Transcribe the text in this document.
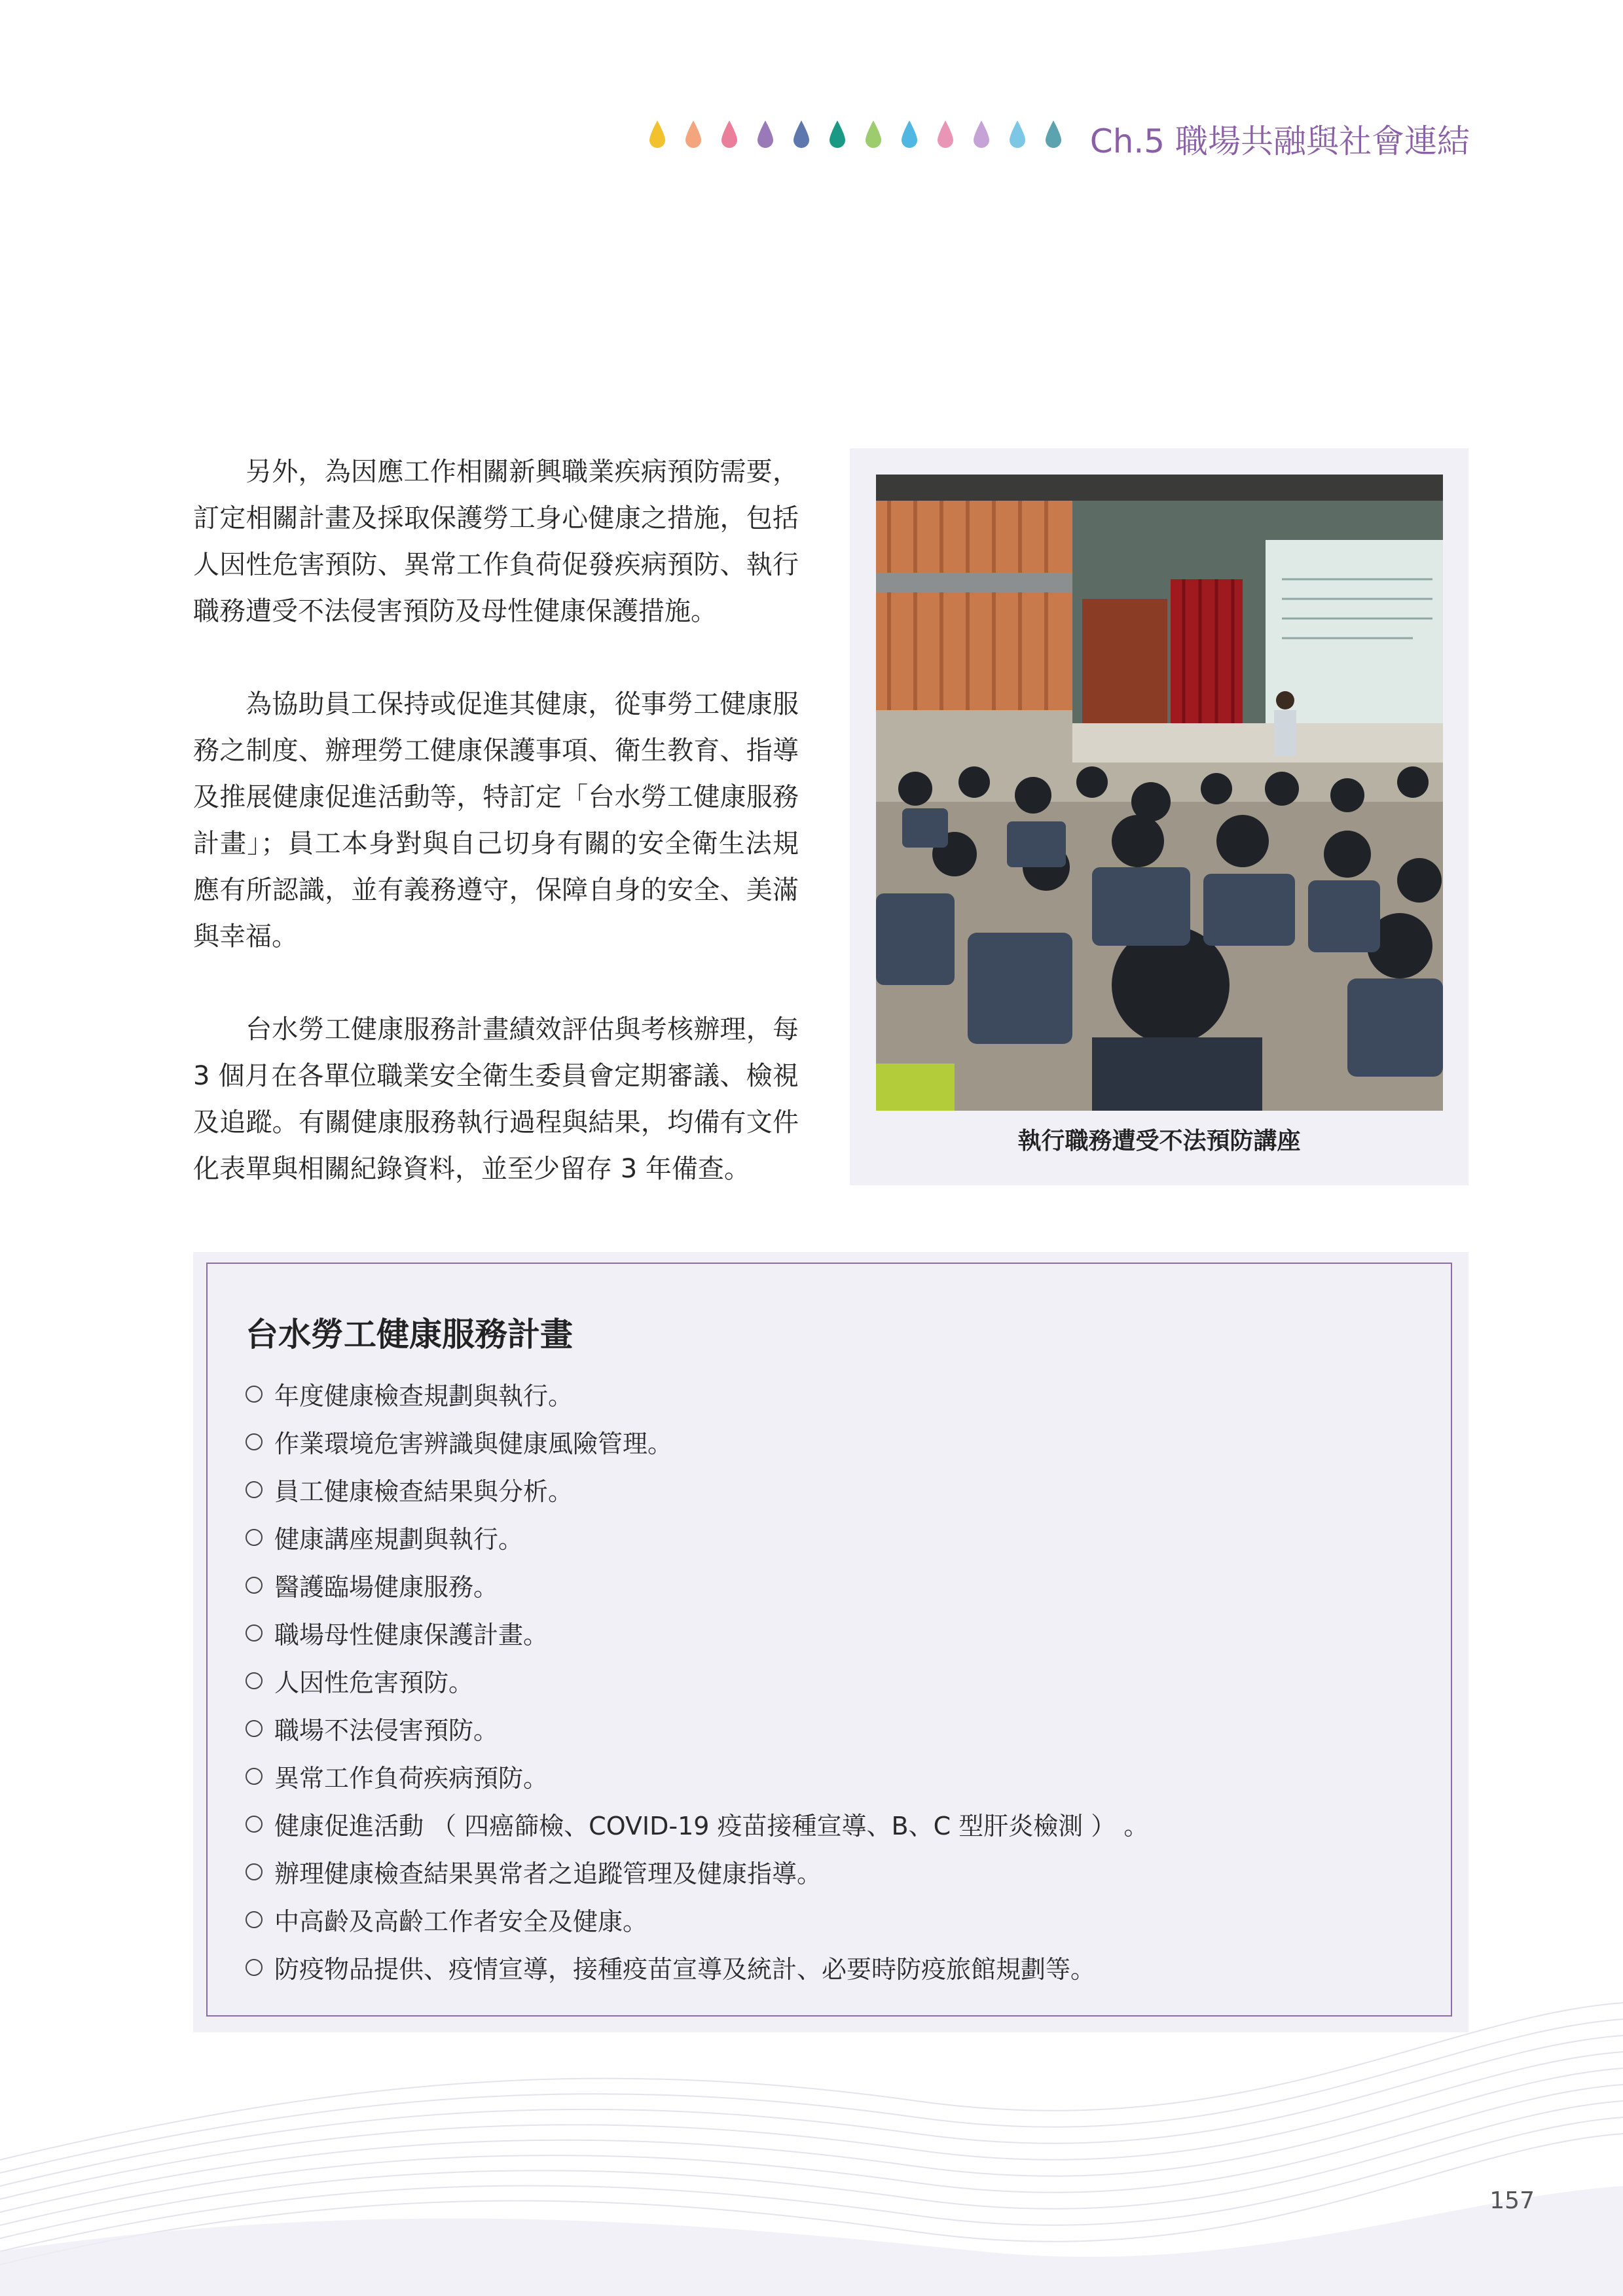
Ch.5 職場共融與社會連結

另外，為因應工作相關新興職業疾病預防需要，訂定相關計畫及採取保護勞工身心健康之措施，包括人因性危害預防、異常工作負荷促發疾病預防、執行職務遭受不法侵害預防及母性健康保護措施。

為協助員工保持或促進其健康，從事勞工健康服務之制度、辦理勞工健康保護事項、衛生教育、指導及推展健康促進活動等，特訂定「台水勞工健康服務計畫」；員工本身對與自己切身有關的安全衛生法規應有所認識，並有義務遵守，保障自身的安全、美滿與幸福。

台水勞工健康服務計畫績效評估與考核辦理，每 3 個月在各單位職業安全衛生委員會定期審議、檢視及追蹤。有關健康服務執行過程與結果，均備有文件化表單與相關紀錄資料，並至少留存 3 年備查。

執行職務遭受不法預防講座
台水勞工健康服務計畫
年度健康檢查規劃與執行。
作業環境危害辨識與健康風險管理。
員工健康檢查結果與分析。
健康講座規劃與執行。
醫護臨場健康服務。
職場母性健康保護計畫。
人因性危害預防。
職場不法侵害預防。
異常工作負荷疾病預防。
健康促進活動 （ 四癌篩檢、COVID-19 疫苗接種宣導、B、C 型肝炎檢測 ） 。
辦理健康檢查結果異常者之追蹤管理及健康指導。
中高齡及高齡工作者安全及健康。
防疫物品提供、疫情宣導，接種疫苗宣導及統計、必要時防疫旅館規劃等。
157
